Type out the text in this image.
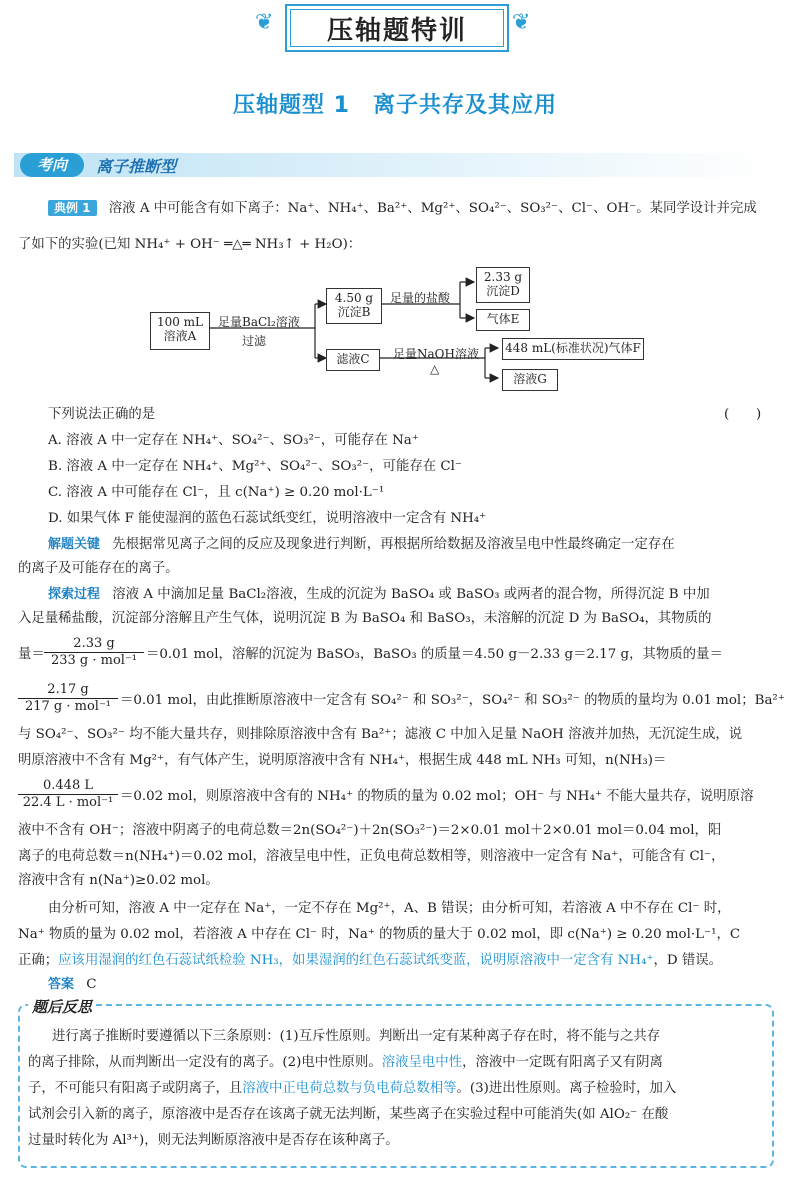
❦	❦
压轴题特训
压轴题型 1　离子共存及其应用
考向	离子推断型
典例 1 溶液 A 中可能含有如下离子：Na⁺、NH₄⁺、Ba²⁺、Mg²⁺、SO₄²⁻、SO₃²⁻、Cl⁻、OH⁻。某同学设计并完成
了如下的实验(已知 NH₄⁺ + OH⁻ ═△═ NH₃↑ + H₂O)：
100 mL
溶液A
足量BaCl₂溶液
过滤
4.50 g
沉淀B
滤液C
足量的盐酸
2.33 g
沉淀D
气体E
足量NaOH溶液
△
448 mL(标准状况)气体F
溶液G
下列说法正确的是	(　　)
A. 溶液 A 中一定存在 NH₄⁺、SO₄²⁻、SO₃²⁻，可能存在 Na⁺
B. 溶液 A 中一定存在 NH₄⁺、Mg²⁺、SO₄²⁻、SO₃²⁻，可能存在 Cl⁻
C. 溶液 A 中可能存在 Cl⁻，且 c(Na⁺) ≥ 0.20 mol·L⁻¹
D. 如果气体 F 能使湿润的蓝色石蕊试纸变红，说明溶液中一定含有 NH₄⁺
解题关键 先根据常见离子之间的反应及现象进行判断，再根据所给数据及溶液呈电中性最终确定一定存在
的离子及可能存在的离子。
探索过程 溶液 A 中滴加足量 BaCl₂溶液，生成的沉淀为 BaSO₄ 或 BaSO₃ 或两者的混合物，所得沉淀 B 中加
入足量稀盐酸，沉淀部分溶解且产生气体，说明沉淀 B 为 BaSO₄ 和 BaSO₃，未溶解的沉淀 D 为 BaSO₄，其物质的
量＝
2.33 g
233 g · mol⁻¹ ＝0.01 mol，溶解的沉淀为 BaSO₃，BaSO₃ 的质量＝4.50 g－2.33 g＝2.17 g，其物质的量＝
2.17 g
217 g · mol⁻¹ ＝0.01 mol，由此推断原溶液中一定含有 SO₄²⁻ 和 SO₃²⁻，SO₄²⁻ 和 SO₃²⁻ 的物质的量均为 0.01 mol；Ba²⁺
与 SO₄²⁻、SO₃²⁻ 均不能大量共存，则排除原溶液中含有 Ba²⁺；滤液 C 中加入足量 NaOH 溶液并加热，无沉淀生成，说
明原溶液中不含有 Mg²⁺，有气体产生，说明原溶液中含有 NH₄⁺，根据生成 448 mL NH₃ 可知，n(NH₃)＝
0.448 L
22.4 L · mol⁻¹ ＝0.02 mol，则原溶液中含有的 NH₄⁺ 的物质的量为 0.02 mol；OH⁻ 与 NH₄⁺ 不能大量共存，说明原溶
液中不含有 OH⁻；溶液中阴离子的电荷总数＝2n(SO₄²⁻)＋2n(SO₃²⁻)＝2×0.01 mol＋2×0.01 mol＝0.04 mol，阳
离子的电荷总数＝n(NH₄⁺)＝0.02 mol，溶液呈电中性，正负电荷总数相等，则溶液中一定含有 Na⁺，可能含有 Cl⁻，
溶液中含有 n(Na⁺)≥0.02 mol。
由分析可知，溶液 A 中一定存在 Na⁺，一定不存在 Mg²⁺，A、B 错误；由分析可知，若溶液 A 中不存在 Cl⁻ 时，
Na⁺ 物质的量为 0.02 mol，若溶液 A 中存在 Cl⁻ 时，Na⁺ 的物质的量大于 0.02 mol，即 c(Na⁺) ≥ 0.20 mol·L⁻¹，C
正确；应该用湿润的红色石蕊试纸检验 NH₃，如果湿润的红色石蕊试纸变蓝，说明原溶液中一定含有 NH₄⁺，D 错误。
答案 C
题后反思
进行离子推断时要遵循以下三条原则：(1)互斥性原则。判断出一定有某种离子存在时，将不能与之共存
的离子排除，从而判断出一定没有的离子。(2)电中性原则。溶液呈电中性，溶液中一定既有阳离子又有阴离
子，不可能只有阳离子或阴离子，且溶液中正电荷总数与负电荷总数相等。(3)进出性原则。离子检验时，加入
试剂会引入新的离子，原溶液中是否存在该离子就无法判断，某些离子在实验过程中可能消失(如 AlO₂⁻ 在酸
过量时转化为 Al³⁺)，则无法判断原溶液中是否存在该种离子。
